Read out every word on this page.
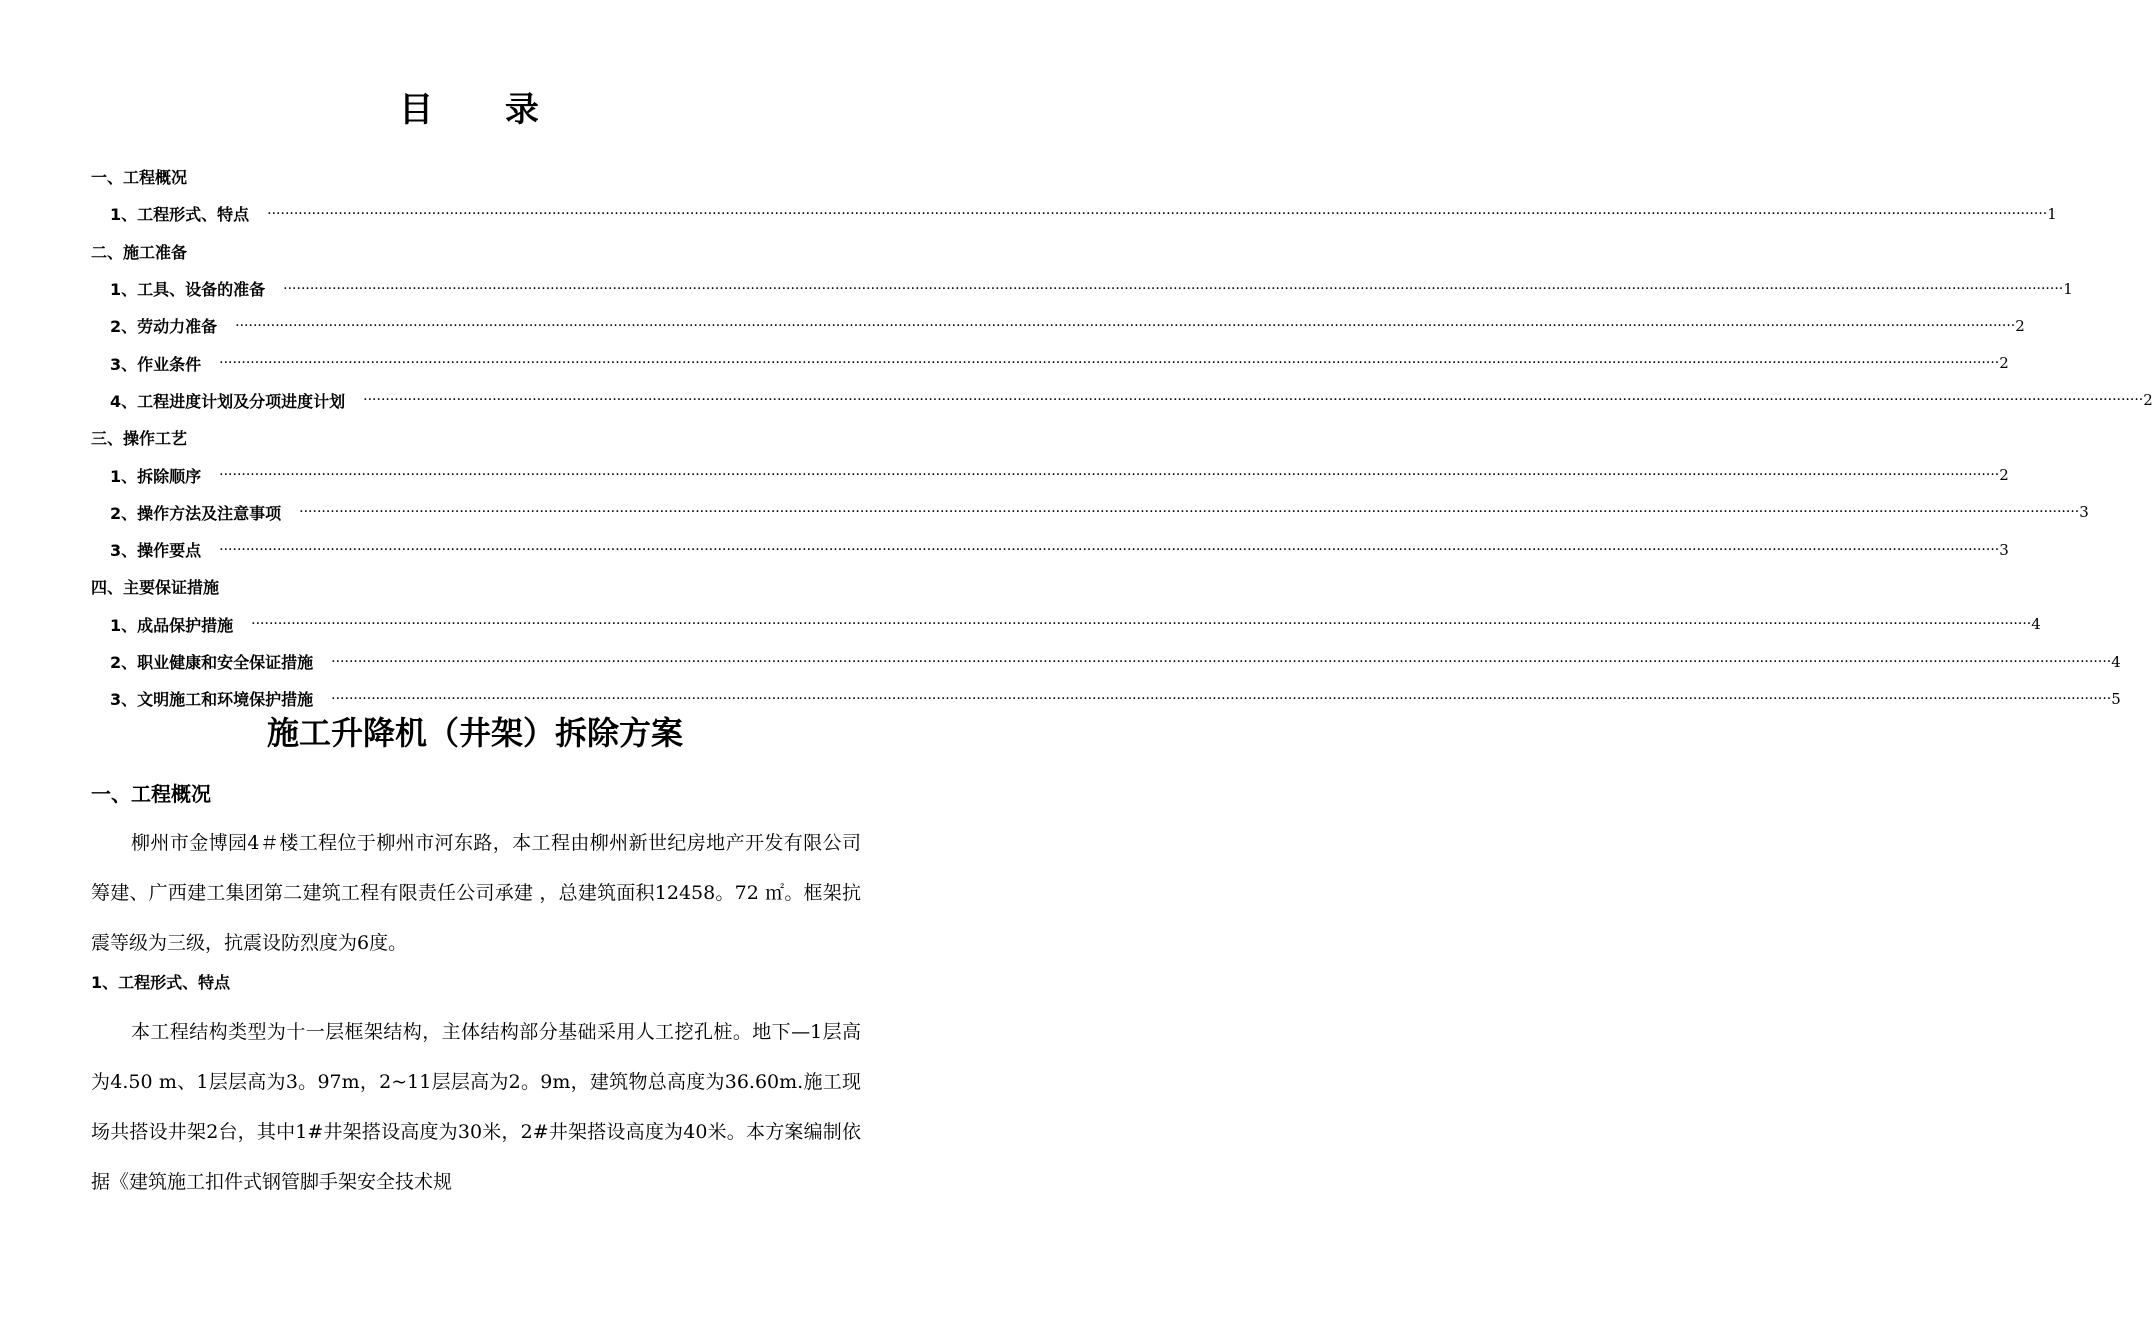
目 录
一、工程概况
1、工程形式、特点 ················································································································································································································································································································································································································ 1
二、施工准备
1、工具、设备的准备 ················································································································································································································································································································································································································ 1
2、劳动力准备 ················································································································································································································································································································································································································ 2
3、作业条件 ················································································································································································································································································································································································································ 2
4、工程进度计划及分项进度计划 ················································································································································································································································································································································································································ 2
三、操作工艺
1、拆除顺序 ················································································································································································································································································································································································································ 2
2、操作方法及注意事项 ················································································································································································································································································································································································································ 3
3、操作要点 ················································································································································································································································································································································································································ 3
四、主要保证措施
1、成品保护措施 ················································································································································································································································································································································································································ 4
2、职业健康和安全保证措施 ················································································································································································································································································································································································································ 4
3、文明施工和环境保护措施 ················································································································································································································································································································································································································ 5
施工升降机（井架）拆除方案
一、工程概况
柳州市金博园4＃楼工程位于柳州市河东路，本工程由柳州新世纪房地产开发有限公司筹建、广西建工集团第二建筑工程有限责任公司承建 ，总建筑面积12458。72 ㎡。框架抗震等级为三级，抗震设防烈度为6度。
1、工程形式、特点
本工程结构类型为十一层框架结构，主体结构部分基础采用人工挖孔桩。地下—1层高为4.50 m、1层层高为3。97m，2~11层层高为2。9m，建筑物总高度为36.60m.施工现场共搭设井架2台，其中1#井架搭设高度为30米，2#井架搭设高度为40米。本方案编制依据《建筑施工扣件式钢管脚手架安全技术规
